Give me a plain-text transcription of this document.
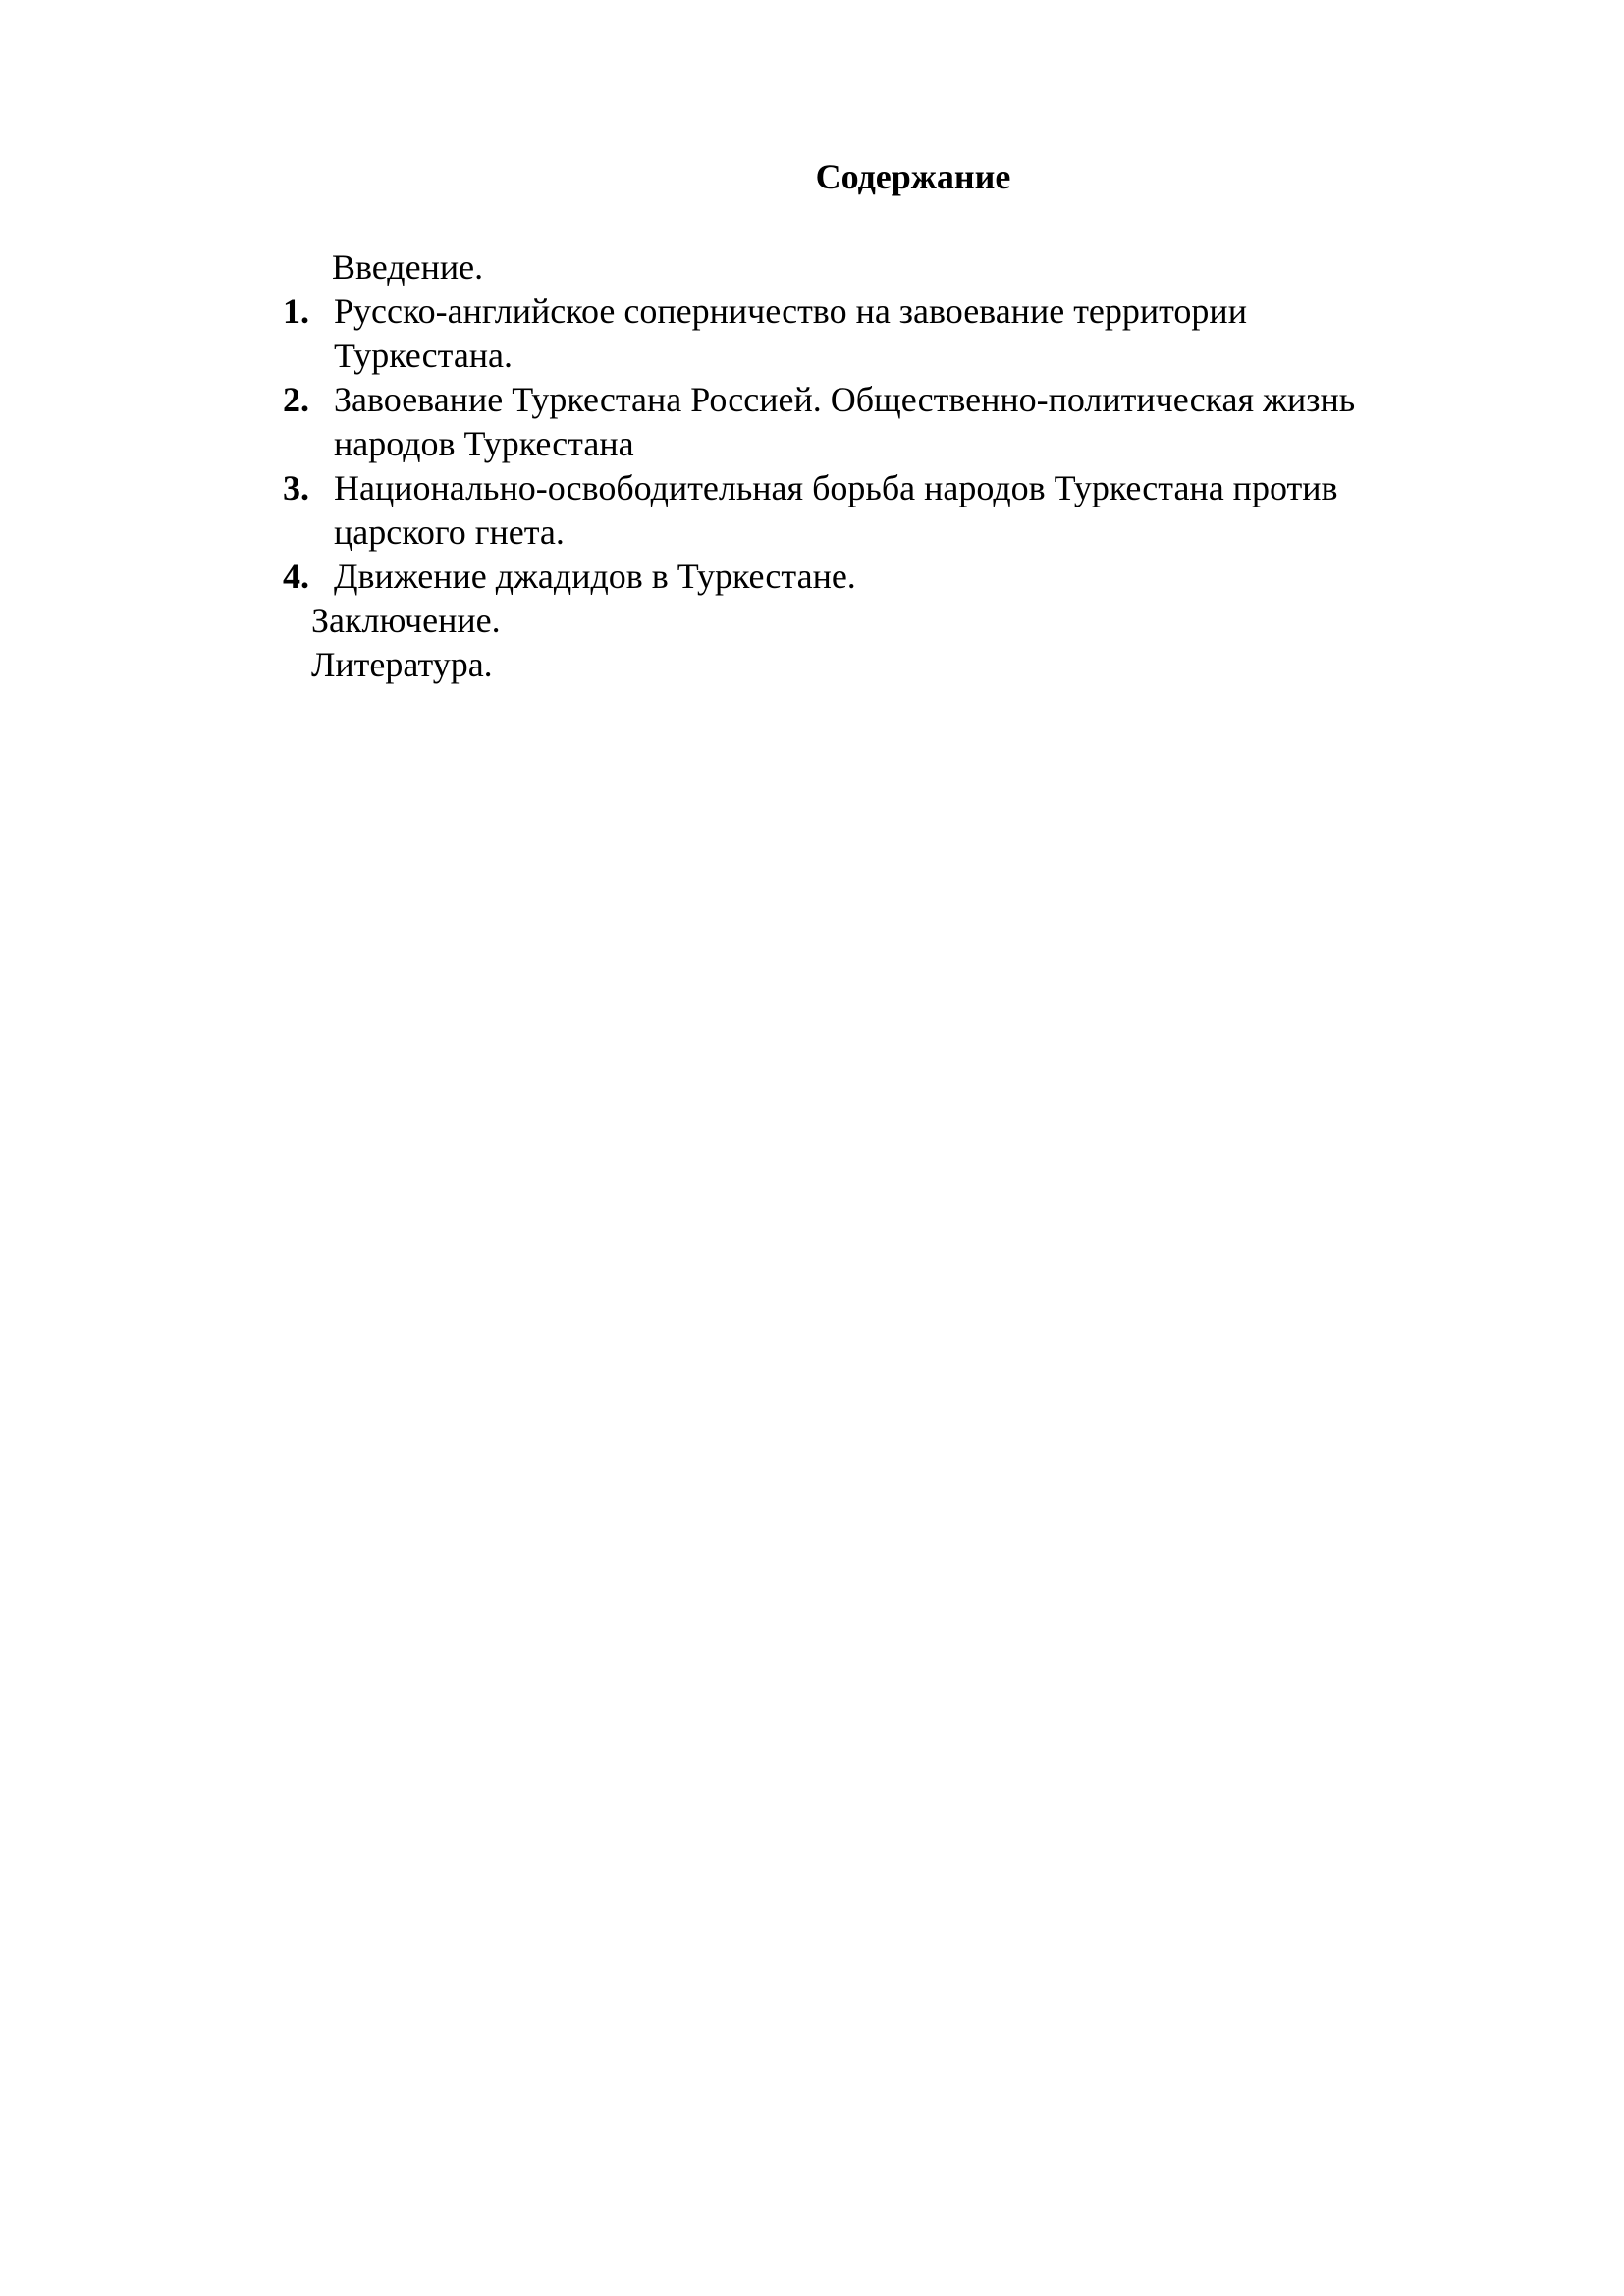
Содержание
Введение.
1. Русско-английское соперничество на завоевание территории
Туркестана.
2. Завоевание Туркестана Россией. Общественно-политическая жизнь
народов Туркестана
3. Национально-освободительная борьба народов Туркестана против
царского гнета.
4. Движение джадидов в Туркестане.
Заключение.
Литература.
